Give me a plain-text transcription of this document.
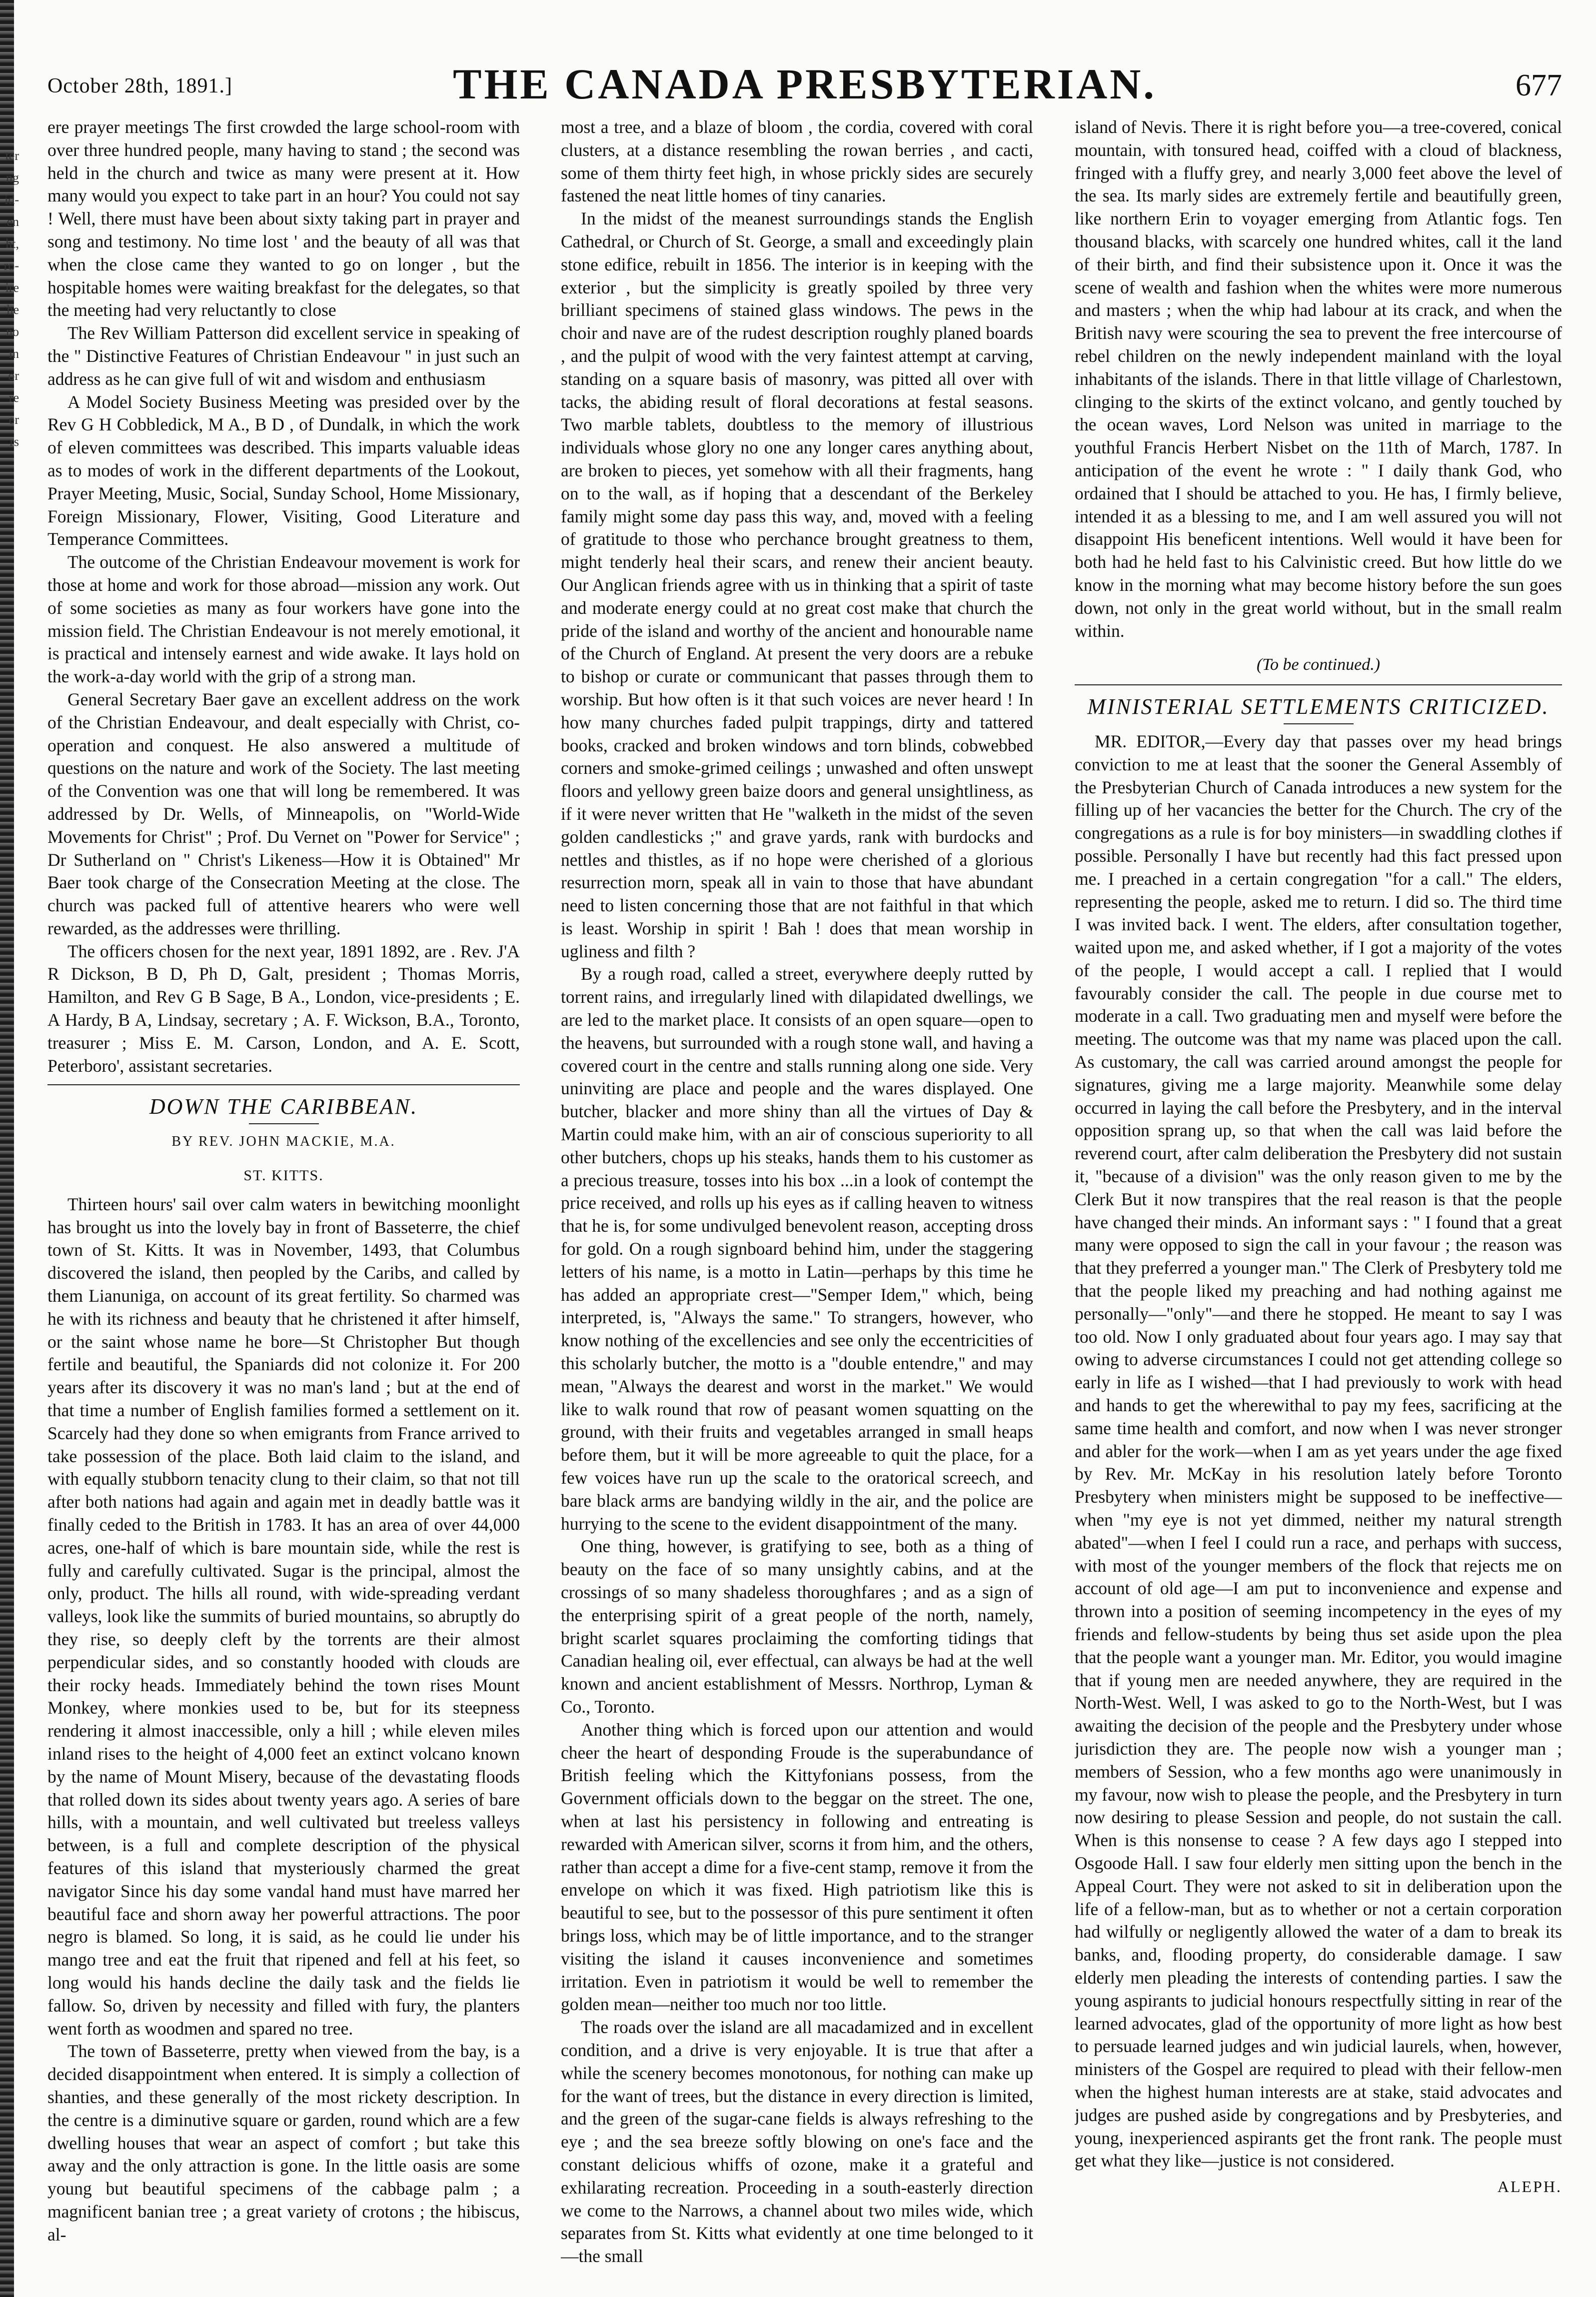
ter
ng
id-
en
ht,
ro-
ire
he
no
in
or
re
er
rs
October 28th, 1891.]	THE CANADA PRESBYTERIAN.	677

ere prayer meetings The first crowded the large school-room with over three hundred people, many having to stand ; the second was held in the church and twice as many were present at it. How many would you expect to take part in an hour? You could not say ! Well, there must have been about sixty taking part in prayer and song and testimony. No time lost ' and the beauty of all was that when the close came they wanted to go on longer , but the hospitable homes were waiting breakfast for the delegates, so that the meeting had very reluctantly to close

The Rev William Patterson did excellent service in speaking of the " Distinctive Features of Christian Endeavour " in just such an address as he can give full of wit and wisdom and enthusiasm

A Model Society Business Meeting was presided over by the Rev G H Cobbledick, M A., B D , of Dundalk, in which the work of eleven committees was described. This imparts valuable ideas as to modes of work in the different departments of the Lookout, Prayer Meeting, Music, Social, Sunday School, Home Missionary, Foreign Missionary, Flower, Visiting, Good Literature and Temperance Committees.

The outcome of the Christian Endeavour movement is work for those at home and work for those abroad—mission any work. Out of some societies as many as four workers have gone into the mission field. The Christian Endeavour is not merely emotional, it is practical and intensely earnest and wide awake. It lays hold on the work-a-day world with the grip of a strong man.

General Secretary Baer gave an excellent address on the work of the Christian Endeavour, and dealt especially with Christ, co-operation and conquest. He also answered a multitude of questions on the nature and work of the Society. The last meeting of the Convention was one that will long be remembered. It was addressed by Dr. Wells, of Minneapolis, on "World-Wide Movements for Christ" ; Prof. Du Vernet on "Power for Service" ; Dr Sutherland on " Christ's Likeness—How it is Obtained" Mr Baer took charge of the Consecration Meeting at the close. The church was packed full of attentive hearers who were well rewarded, as the addresses were thrilling.

The officers chosen for the next year, 1891 1892, are . Rev. J'A R Dickson, B D, Ph D, Galt, president ; Thomas Morris, Hamilton, and Rev G B Sage, B A., London, vice-presidents ; E. A Hardy, B A, Lindsay, secretary ; A. F. Wickson, B.A., Toronto, treasurer ; Miss E. M. Carson, London, and A. E. Scott, Peterboro', assistant secretaries.

DOWN THE CARIBBEAN.
BY REV. JOHN MACKIE, M.A.
ST. KITTS.

Thirteen hours' sail over calm waters in bewitching moonlight has brought us into the lovely bay in front of Basseterre, the chief town of St. Kitts. It was in November, 1493, that Columbus discovered the island, then peopled by the Caribs, and called by them Lianuniga, on account of its great fertility. So charmed was he with its richness and beauty that he christened it after himself, or the saint whose name he bore—St Christopher But though fertile and beautiful, the Spaniards did not colonize it. For 200 years after its discovery it was no man's land ; but at the end of that time a number of English families formed a settlement on it. Scarcely had they done so when emigrants from France arrived to take possession of the place. Both laid claim to the island, and with equally stubborn tenacity clung to their claim, so that not till after both nations had again and again met in deadly battle was it finally ceded to the British in 1783. It has an area of over 44,000 acres, one-half of which is bare mountain side, while the rest is fully and carefully cultivated. Sugar is the principal, almost the only, product. The hills all round, with wide-spreading verdant valleys, look like the summits of buried mountains, so abruptly do they rise, so deeply cleft by the torrents are their almost perpendicular sides, and so constantly hooded with clouds are their rocky heads. Immediately behind the town rises Mount Monkey, where monkies used to be, but for its steepness rendering it almost inaccessible, only a hill ; while eleven miles inland rises to the height of 4,000 feet an extinct volcano known by the name of Mount Misery, because of the devastating floods that rolled down its sides about twenty years ago. A series of bare hills, with a mountain, and well cultivated but treeless valleys between, is a full and complete description of the physical features of this island that mysteriously charmed the great navigator Since his day some vandal hand must have marred her beautiful face and shorn away her powerful attractions. The poor negro is blamed. So long, it is said, as he could lie under his mango tree and eat the fruit that ripened and fell at his feet, so long would his hands decline the daily task and the fields lie fallow. So, driven by necessity and filled with fury, the planters went forth as woodmen and spared no tree.

The town of Basseterre, pretty when viewed from the bay, is a decided disappointment when entered. It is simply a collection of shanties, and these generally of the most rickety description. In the centre is a diminutive square or garden, round which are a few dwelling houses that wear an aspect of comfort ; but take this away and the only attraction is gone. In the little oasis are some young but beautiful specimens of the cabbage palm ; a magnificent banian tree ; a great variety of crotons ; the hibiscus, al-

most a tree, and a blaze of bloom , the cordia, covered with coral clusters, at a distance resembling the rowan berries , and cacti, some of them thirty feet high, in whose prickly sides are securely fastened the neat little homes of tiny canaries.

In the midst of the meanest surroundings stands the English Cathedral, or Church of St. George, a small and exceedingly plain stone edifice, rebuilt in 1856. The interior is in keeping with the exterior , but the simplicity is greatly spoiled by three very brilliant specimens of stained glass windows. The pews in the choir and nave are of the rudest description roughly planed boards , and the pulpit of wood with the very faintest attempt at carving, standing on a square basis of masonry, was pitted all over with tacks, the abiding result of floral decorations at festal seasons. Two marble tablets, doubtless to the memory of illustrious individuals whose glory no one any longer cares anything about, are broken to pieces, yet somehow with all their fragments, hang on to the wall, as if hoping that a descendant of the Berkeley family might some day pass this way, and, moved with a feeling of gratitude to those who perchance brought greatness to them, might tenderly heal their scars, and renew their ancient beauty. Our Anglican friends agree with us in thinking that a spirit of taste and moderate energy could at no great cost make that church the pride of the island and worthy of the ancient and honourable name of the Church of England. At present the very doors are a rebuke to bishop or curate or communicant that passes through them to worship. But how often is it that such voices are never heard ! In how many churches faded pulpit trappings, dirty and tattered books, cracked and broken windows and torn blinds, cobwebbed corners and smoke-grimed ceilings ; unwashed and often unswept floors and yellowy green baize doors and general unsightliness, as if it were never written that He "walketh in the midst of the seven golden candlesticks ;" and grave yards, rank with burdocks and nettles and thistles, as if no hope were cherished of a glorious resurrection morn, speak all in vain to those that have abundant need to listen concerning those that are not faithful in that which is least. Worship in spirit ! Bah ! does that mean worship in ugliness and filth ?

By a rough road, called a street, everywhere deeply rutted by torrent rains, and irregularly lined with dilapidated dwellings, we are led to the market place. It consists of an open square—open to the heavens, but surrounded with a rough stone wall, and having a covered court in the centre and stalls running along one side. Very uninviting are place and people and the wares displayed. One butcher, blacker and more shiny than all the virtues of Day & Martin could make him, with an air of conscious superiority to all other butchers, chops up his steaks, hands them to his customer as a precious treasure, tosses into his box ...in a look of contempt the price received, and rolls up his eyes as if calling heaven to witness that he is, for some undivulged benevolent reason, accepting dross for gold. On a rough signboard behind him, under the staggering letters of his name, is a motto in Latin—perhaps by this time he has added an appropriate crest—"Semper Idem," which, being interpreted, is, "Always the same." To strangers, however, who know nothing of the excellencies and see only the eccentricities of this scholarly butcher, the motto is a "double entendre," and may mean, "Always the dearest and worst in the market." We would like to walk round that row of peasant women squatting on the ground, with their fruits and vegetables arranged in small heaps before them, but it will be more agreeable to quit the place, for a few voices have run up the scale to the oratorical screech, and bare black arms are bandying wildly in the air, and the police are hurrying to the scene to the evident disappointment of the many.

One thing, however, is gratifying to see, both as a thing of beauty on the face of so many unsightly cabins, and at the crossings of so many shadeless thoroughfares ; and as a sign of the enterprising spirit of a great people of the north, namely, bright scarlet squares proclaiming the comforting tidings that Canadian healing oil, ever effectual, can always be had at the well known and ancient establishment of Messrs. Northrop, Lyman & Co., Toronto.

Another thing which is forced upon our attention and would cheer the heart of desponding Froude is the superabundance of British feeling which the Kittyfonians possess, from the Government officials down to the beggar on the street. The one, when at last his persistency in following and entreating is rewarded with American silver, scorns it from him, and the others, rather than accept a dime for a five-cent stamp, remove it from the envelope on which it was fixed. High patriotism like this is beautiful to see, but to the possessor of this pure sentiment it often brings loss, which may be of little importance, and to the stranger visiting the island it causes inconvenience and sometimes irritation. Even in patriotism it would be well to remember the golden mean—neither too much nor too little.

The roads over the island are all macadamized and in excellent condition, and a drive is very enjoyable. It is true that after a while the scenery becomes monotonous, for nothing can make up for the want of trees, but the distance in every direction is limited, and the green of the sugar-cane fields is always refreshing to the eye ; and the sea breeze softly blowing on one's face and the constant delicious whiffs of ozone, make it a grateful and exhilarating recreation. Proceeding in a south-easterly direction we come to the Narrows, a channel about two miles wide, which separates from St. Kitts what evidently at one time belonged to it—the small

island of Nevis. There it is right before you—a tree-covered, conical mountain, with tonsured head, coiffed with a cloud of blackness, fringed with a fluffy grey, and nearly 3,000 feet above the level of the sea. Its marly sides are extremely fertile and beautifully green, like northern Erin to voyager emerging from Atlantic fogs. Ten thousand blacks, with scarcely one hundred whites, call it the land of their birth, and find their subsistence upon it. Once it was the scene of wealth and fashion when the whites were more numerous and masters ; when the whip had labour at its crack, and when the British navy were scouring the sea to prevent the free intercourse of rebel children on the newly independent mainland with the loyal inhabitants of the islands. There in that little village of Charlestown, clinging to the skirts of the extinct volcano, and gently touched by the ocean waves, Lord Nelson was united in marriage to the youthful Francis Herbert Nisbet on the 11th of March, 1787. In anticipation of the event he wrote : " I daily thank God, who ordained that I should be attached to you. He has, I firmly believe, intended it as a blessing to me, and I am well assured you will not disappoint His beneficent intentions. Well would it have been for both had he held fast to his Calvinistic creed. But how little do we know in the morning what may become history before the sun goes down, not only in the great world without, but in the small realm within.

(To be continued.)
MINISTERIAL SETTLEMENTS CRITICIZED.

MR. EDITOR,—Every day that passes over my head brings conviction to me at least that the sooner the General Assembly of the Presbyterian Church of Canada introduces a new system for the filling up of her vacancies the better for the Church. The cry of the congregations as a rule is for boy ministers—in swaddling clothes if possible. Personally I have but recently had this fact pressed upon me. I preached in a certain congregation "for a call." The elders, representing the people, asked me to return. I did so. The third time I was invited back. I went. The elders, after consultation together, waited upon me, and asked whether, if I got a majority of the votes of the people, I would accept a call. I replied that I would favourably consider the call. The people in due course met to moderate in a call. Two graduating men and myself were before the meeting. The outcome was that my name was placed upon the call. As customary, the call was carried around amongst the people for signatures, giving me a large majority. Meanwhile some delay occurred in laying the call before the Presbytery, and in the interval opposition sprang up, so that when the call was laid before the reverend court, after calm deliberation the Presbytery did not sustain it, "because of a division" was the only reason given to me by the Clerk But it now transpires that the real reason is that the people have changed their minds. An informant says : " I found that a great many were opposed to sign the call in your favour ; the reason was that they preferred a younger man." The Clerk of Presbytery told me that the people liked my preaching and had nothing against me personally—"only"—and there he stopped. He meant to say I was too old. Now I only graduated about four years ago. I may say that owing to adverse circumstances I could not get attending college so early in life as I wished—that I had previously to work with head and hands to get the wherewithal to pay my fees, sacrificing at the same time health and comfort, and now when I was never stronger and abler for the work—when I am as yet years under the age fixed by Rev. Mr. McKay in his resolution lately before Toronto Presbytery when ministers might be supposed to be ineffective—when "my eye is not yet dimmed, neither my natural strength abated"—when I feel I could run a race, and perhaps with success, with most of the younger members of the flock that rejects me on account of old age—I am put to inconvenience and expense and thrown into a position of seeming incompetency in the eyes of my friends and fellow-students by being thus set aside upon the plea that the people want a younger man. Mr. Editor, you would imagine that if young men are needed anywhere, they are required in the North-West. Well, I was asked to go to the North-West, but I was awaiting the decision of the people and the Presbytery under whose jurisdiction they are. The people now wish a younger man ; members of Session, who a few months ago were unanimously in my favour, now wish to please the people, and the Presbytery in turn now desiring to please Session and people, do not sustain the call. When is this nonsense to cease ? A few days ago I stepped into Osgoode Hall. I saw four elderly men sitting upon the bench in the Appeal Court. They were not asked to sit in deliberation upon the life of a fellow-man, but as to whether or not a certain corporation had wilfully or negligently allowed the water of a dam to break its banks, and, flooding property, do considerable damage. I saw elderly men pleading the interests of contending parties. I saw the young aspirants to judicial honours respectfully sitting in rear of the learned advocates, glad of the opportunity of more light as how best to persuade learned judges and win judicial laurels, when, however, ministers of the Gospel are required to plead with their fellow-men when the highest human interests are at stake, staid advocates and judges are pushed aside by congregations and by Presbyteries, and young, inexperienced aspirants get the front rank. The people must get what they like—justice is not considered.

ALEPH.
